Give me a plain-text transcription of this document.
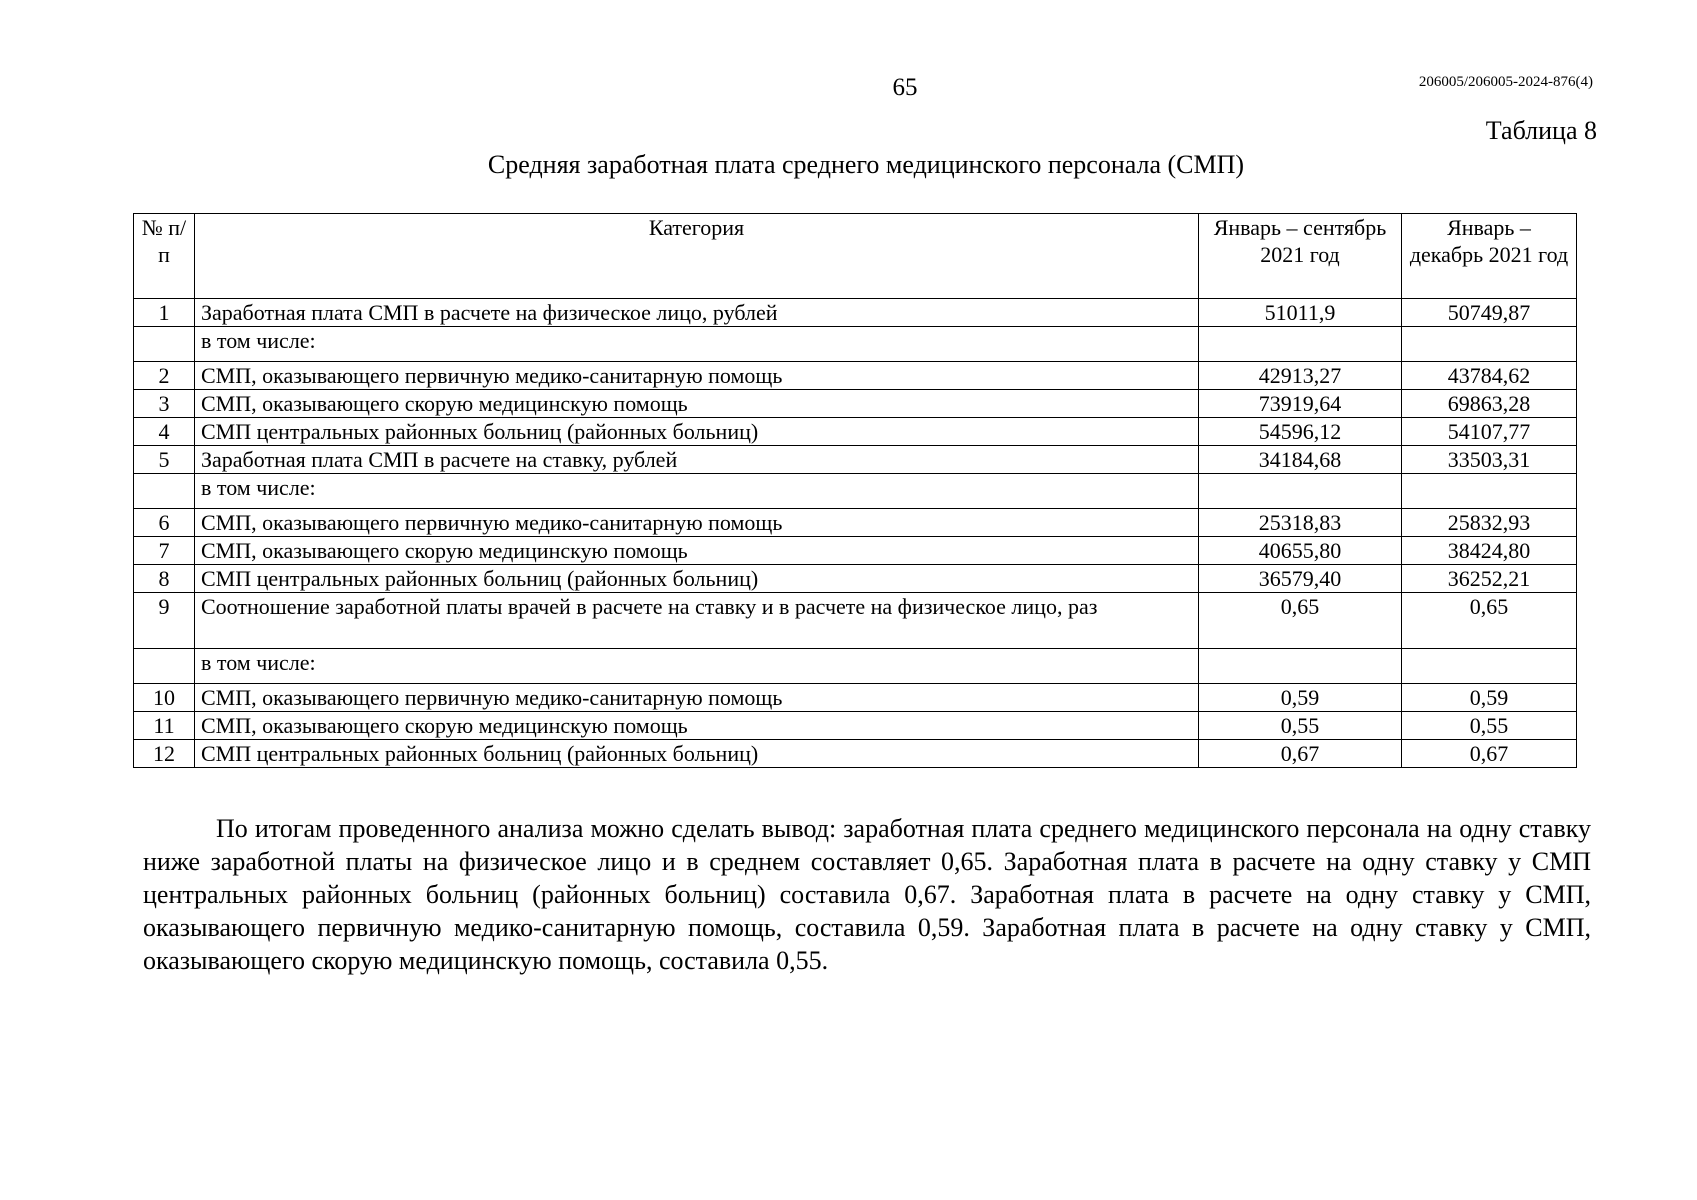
65	206005/206005-2024-876(4)
Таблица 8
Средняя заработная плата среднего медицинского персонала (СМП)
№ п/п	Категория	Январь – сентябрь 2021 год	Январь – декабрь 2021 год
1	Заработная плата СМП в расчете на физическое лицо, рублей	51011,9	50749,87
	в том числе:		
2	СМП, оказывающего первичную медико-санитарную помощь	42913,27	43784,62
3	СМП, оказывающего скорую медицинскую помощь	73919,64	69863,28
4	СМП центральных районных больниц (районных больниц)	54596,12	54107,77
5	Заработная плата СМП в расчете на ставку, рублей	34184,68	33503,31
	в том числе:		
6	СМП, оказывающего первичную медико-санитарную помощь	25318,83	25832,93
7	СМП, оказывающего скорую медицинскую помощь	40655,80	38424,80
8	СМП центральных районных больниц (районных больниц)	36579,40	36252,21
9	Соотношение заработной платы врачей в расчете на ставку и в расчете на физическое лицо, раз	0,65	0,65
	в том числе:		
10	СМП, оказывающего первичную медико-санитарную помощь	0,59	0,59
11	СМП, оказывающего скорую медицинскую помощь	0,55	0,55
12	СМП центральных районных больниц (районных больниц)	0,67	0,67

По итогам проведенного анализа можно сделать вывод: заработная плата среднего медицинского персонала на одну ставку ниже заработной платы на физическое лицо и в среднем составляет 0,65. Заработная плата в расчете на одну ставку у СМП центральных районных больниц (районных больниц) составила 0,67. Заработная плата в расчете на одну ставку у СМП, оказывающего первичную медико-санитарную помощь, составила 0,59. Заработная плата в расчете на одну ставку у СМП, оказывающего скорую медицинскую помощь, составила 0,55.
